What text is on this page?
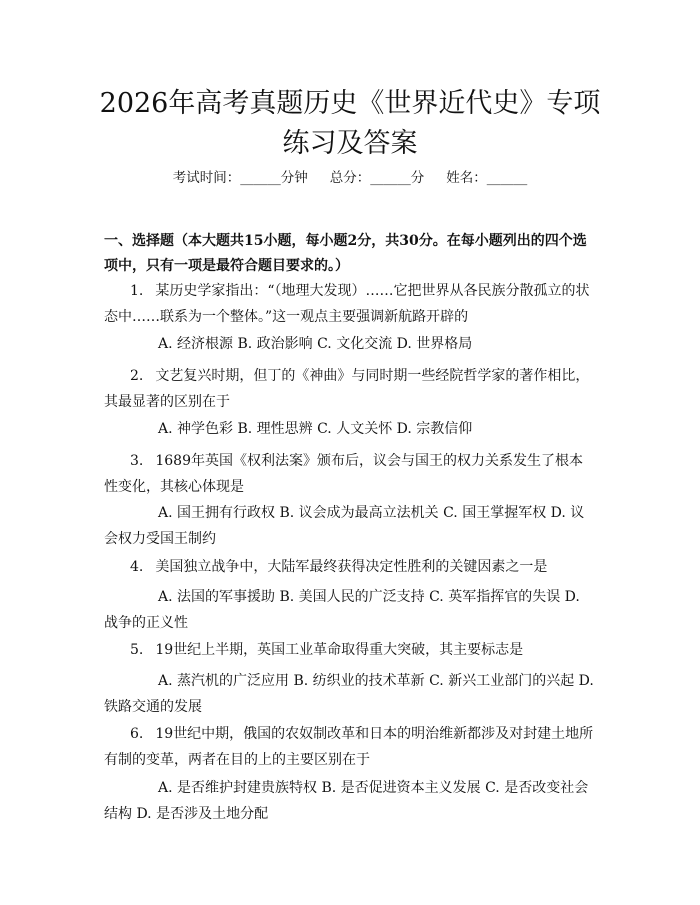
2026年高考真题历史《世界近代史》专项练习及答案
考试时间：______分钟 总分：______分 姓名：______
一、选择题（本大题共15小题，每小题2分，共30分。在每小题列出的四个选项中，只有一项是最符合题目要求的。）

1. 某历史学家指出：“（地理大发现）……它把世界从各民族分散孤立的状态中……联系为一个整体。”这一观点主要强调新航路开辟的

A. 经济根源 B. 政治影响 C. 文化交流 D. 世界格局

2. 文艺复兴时期，但丁的《神曲》与同时期一些经院哲学家的著作相比，其最显著的区别在于

A. 神学色彩 B. 理性思辨 C. 人文关怀 D. 宗教信仰

3. 1689年英国《权利法案》颁布后，议会与国王的权力关系发生了根本性变化，其核心体现是

A. 国王拥有行政权 B. 议会成为最高立法机关 C. 国王掌握军权 D. 议会权力受国王制约

4. 美国独立战争中，大陆军最终获得决定性胜利的关键因素之一是

A. 法国的军事援助 B. 美国人民的广泛支持 C. 英军指挥官的失误 D. 战争的正义性

5. 19世纪上半期，英国工业革命取得重大突破，其主要标志是

A. 蒸汽机的广泛应用 B. 纺织业的技术革新 C. 新兴工业部门的兴起 D. 铁路交通的发展

6. 19世纪中期，俄国的农奴制改革和日本的明治维新都涉及对封建土地所有制的变革，两者在目的上的主要区别在于

A. 是否维护封建贵族特权 B. 是否促进资本主义发展 C. 是否改变社会结构 D. 是否涉及土地分配
